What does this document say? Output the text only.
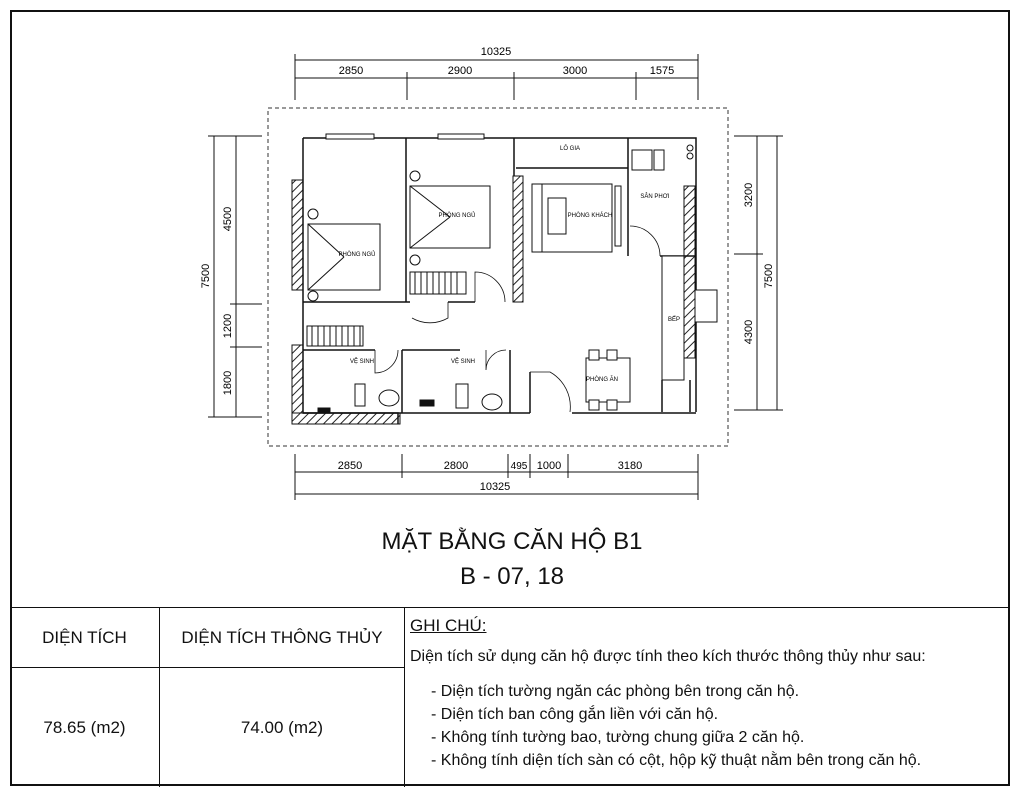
10325
2850	2900	3000	1575
2850	2800	495 1000	3180
10325
7500
4500
1200
1800
3200
4300
7500
PHÒNG NGỦ
PHÒNG NGỦ
LÔ GIA
PHÒNG KHÁCH
SÂN PHƠI
BẾP
PHÒNG ĂN
VỆ SINH	VỆ SINH
MẶT BẰNG CĂN HỘ B1
B - 07, 18
DIỆN TÍCH	DIỆN TÍCH THÔNG THỦY
78.65 (m2)	74.00 (m2)
GHI CHÚ:
Diện tích sử dụng căn hộ được tính theo kích thước thông thủy như sau:
- Diện tích tường ngăn các phòng bên trong căn hộ.
- Diện tích ban công gắn liền với căn hộ.
- Không tính tường bao, tường chung giữa 2 căn hộ.
- Không tính diện tích sàn có cột, hộp kỹ thuật nằm bên trong căn hộ.
